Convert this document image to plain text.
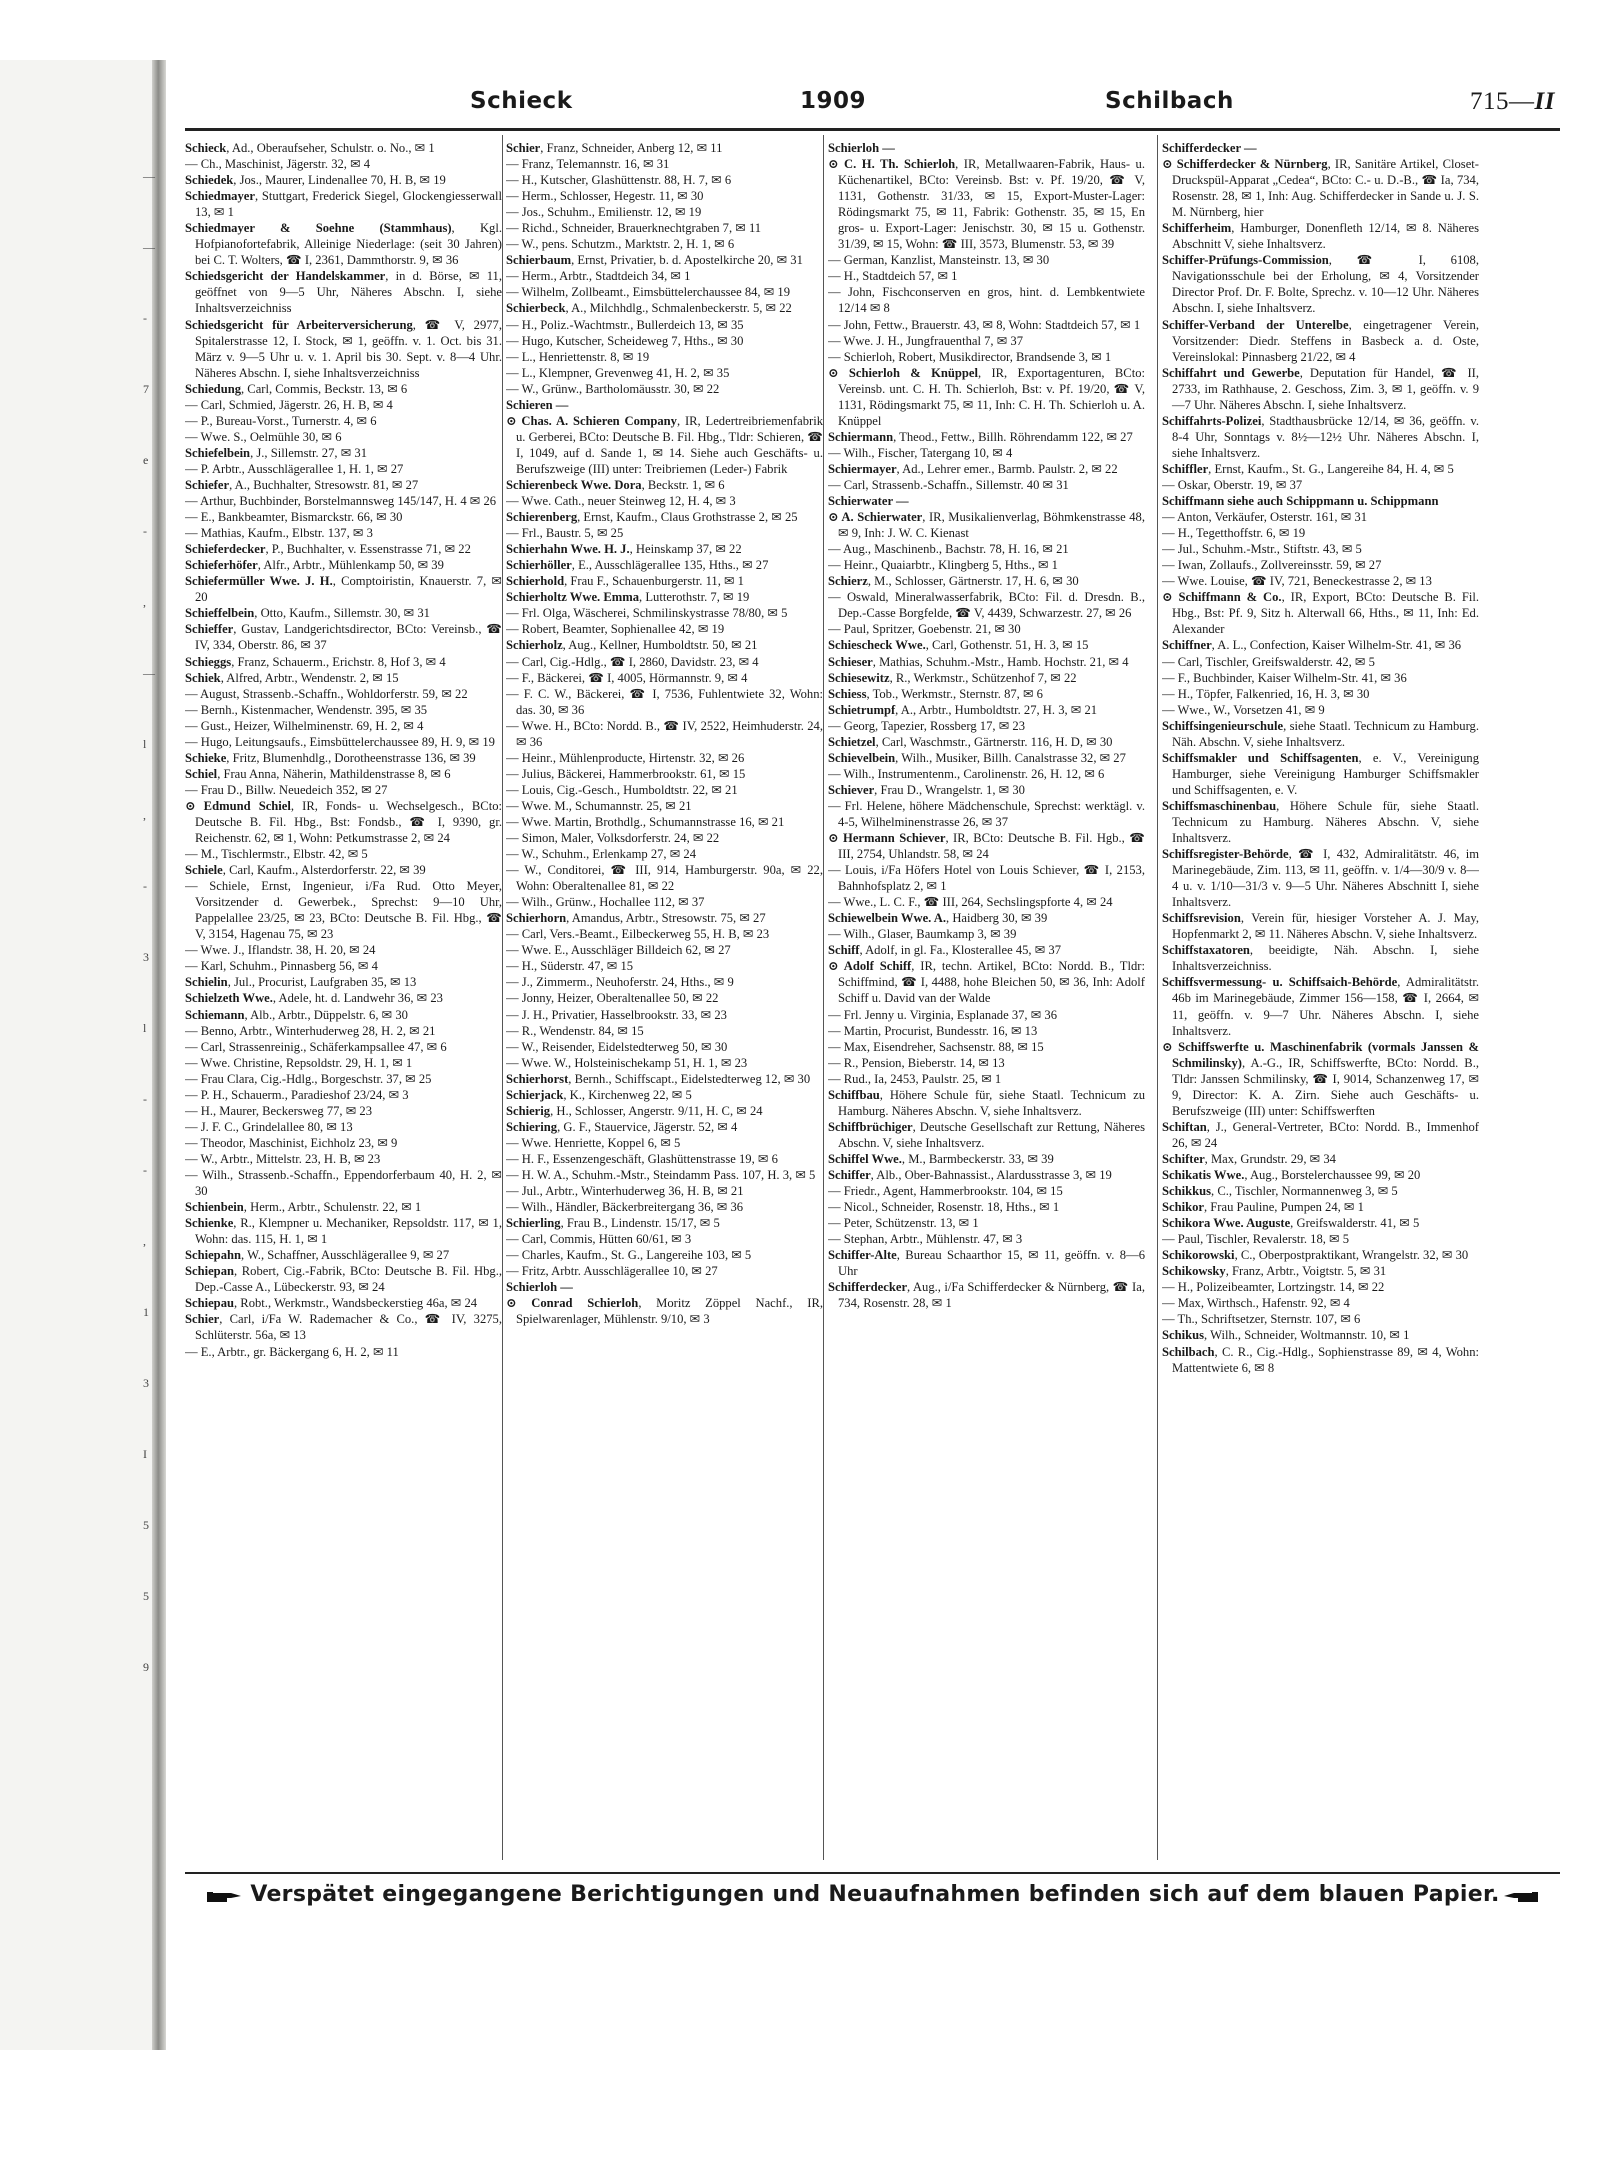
—
—
-
7
e
-
,
—
l
,
-
3
l
-
-
,
1
3
I
5
5
9
Schieck	1909	Schilbach	715—II

Schieck, Ad., Oberaufseher, Schulstr. o. No., ✉ 1

— Ch., Maschinist, Jägerstr. 32, ✉ 4

Schiedek, Jos., Maurer, Lindenallee 70, H. B, ✉ 19

Schiedmayer, Stuttgart, Frederick Siegel, Glockengiesserwall 13, ✉ 1

Schiedmayer & Soehne (Stammhaus), Kgl. Hofpianofortefabrik, Alleinige Niederlage: (seit 30 Jahren) bei C. T. Wolters, ☎ I, 2361, Dammthorstr. 9, ✉ 36

Schiedsgericht der Handelskammer, in d. Börse, ✉ 11, geöffnet von 9—5 Uhr, Näheres Abschn. I, siehe Inhaltsverzeichniss

Schiedsgericht für Arbeiterversicherung, ☎ V, 2977, Spitalerstrasse 12, I. Stock, ✉ 1, geöffn. v. 1. Oct. bis 31. März v. 9—5 Uhr u. v. 1. April bis 30. Sept. v. 8—4 Uhr. Näheres Abschn. I, siehe Inhaltsverzeichniss

Schiedung, Carl, Commis, Beckstr. 13, ✉ 6

— Carl, Schmied, Jägerstr. 26, H. B, ✉ 4

— P., Bureau-Vorst., Turnerstr. 4, ✉ 6

— Wwe. S., Oelmühle 30, ✉ 6

Schiefelbein, J., Sillemstr. 27, ✉ 31

— P. Arbtr., Ausschlägerallee 1, H. 1, ✉ 27

Schiefer, A., Buchhalter, Stresowstr. 81, ✉ 27

— Arthur, Buchbinder, Borstelmannsweg 145/147, H. 4 ✉ 26

— E., Bankbeamter, Bismarckstr. 66, ✉ 30

— Mathias, Kaufm., Elbstr. 137, ✉ 3

Schieferdecker, P., Buchhalter, v. Essenstrasse 71, ✉ 22

Schieferhöfer, Alfr., Arbtr., Mühlenkamp 50, ✉ 39

Schiefermüller Wwe. J. H., Comptoiristin, Knauerstr. 7, ✉ 20

Schieffelbein, Otto, Kaufm., Sillemstr. 30, ✉ 31

Schieffer, Gustav, Landgerichtsdirector, BCto: Vereinsb., ☎ IV, 334, Oberstr. 86, ✉ 37

Schieggs, Franz, Schauerm., Erichstr. 8, Hof 3, ✉ 4

Schiek, Alfred, Arbtr., Wendenstr. 2, ✉ 15

— August, Strassenb.-Schaffn., Wohldorferstr. 59, ✉ 22

— Bernh., Kistenmacher, Wendenstr. 395, ✉ 35

— Gust., Heizer, Wilhelminenstr. 69, H. 2, ✉ 4

— Hugo, Leitungsaufs., Eimsbüttelerchaussee 89, H. 9, ✉ 19

Schieke, Fritz, Blumenhdlg., Dorotheenstrasse 136, ✉ 39

Schiel, Frau Anna, Näherin, Mathildenstrasse 8, ✉ 6

— Frau D., Billw. Neuedeich 352, ✉ 27

⊙ Edmund Schiel, IR, Fonds- u. Wechselgesch., BCto: Deutsche B. Fil. Hbg., Bst: Fondsb., ☎ I, 9390, gr. Reichenstr. 62, ✉ 1, Wohn: Petkumstrasse 2, ✉ 24

— M., Tischlermstr., Elbstr. 42, ✉ 5

Schiele, Carl, Kaufm., Alsterdorferstr. 22, ✉ 39

— Schiele, Ernst, Ingenieur, i/Fa Rud. Otto Meyer, Vorsitzender d. Gewerbek., Sprechst: 9—10 Uhr, Pappelallee 23/25, ✉ 23, BCto: Deutsche B. Fil. Hbg., ☎ V, 3154, Hagenau 75, ✉ 23

— Wwe. J., Iflandstr. 38, H. 20, ✉ 24

— Karl, Schuhm., Pinnasberg 56, ✉ 4

Schielin, Jul., Procurist, Laufgraben 35, ✉ 13

Schielzeth Wwe., Adele, ht. d. Landwehr 36, ✉ 23

Schiemann, Alb., Arbtr., Düppelstr. 6, ✉ 30

— Benno, Arbtr., Winterhuderweg 28, H. 2, ✉ 21

— Carl, Strassenreinig., Schäferkampsallee 47, ✉ 6

— Wwe. Christine, Repsoldstr. 29, H. 1, ✉ 1

— Frau Clara, Cig.-Hdlg., Borgeschstr. 37, ✉ 25

— P. H., Schauerm., Paradieshof 23/24, ✉ 3

— H., Maurer, Beckersweg 77, ✉ 23

— J. F. C., Grindelallee 80, ✉ 13

— Theodor, Maschinist, Eichholz 23, ✉ 9

— W., Arbtr., Mittelstr. 23, H. B, ✉ 23

— Wilh., Strassenb.-Schaffn., Eppendorferbaum 40, H. 2, ✉ 30

Schienbein, Herm., Arbtr., Schulenstr. 22, ✉ 1

Schienke, R., Klempner u. Mechaniker, Repsoldstr. 117, ✉ 1, Wohn: das. 115, H. 1, ✉ 1

Schiepahn, W., Schaffner, Ausschlägerallee 9, ✉ 27

Schiepan, Robert, Cig.-Fabrik, BCto: Deutsche B. Fil. Hbg., Dep.-Casse A., Lübeckerstr. 93, ✉ 24

Schiepau, Robt., Werkmstr., Wandsbeckerstieg 46a, ✉ 24

Schier, Carl, i/Fa W. Rademacher & Co., ☎ IV, 3275, Schlüterstr. 56a, ✉ 13

— E., Arbtr., gr. Bäckergang 6, H. 2, ✉ 11

Schier, Franz, Schneider, Anberg 12, ✉ 11

— Franz, Telemannstr. 16, ✉ 31

— H., Kutscher, Glashüttenstr. 88, H. 7, ✉ 6

— Herm., Schlosser, Hegestr. 11, ✉ 30

— Jos., Schuhm., Emilienstr. 12, ✉ 19

— Richd., Schneider, Brauerknechtgraben 7, ✉ 11

— W., pens. Schutzm., Marktstr. 2, H. 1, ✉ 6

Schierbaum, Ernst, Privatier, b. d. Apostelkirche 20, ✉ 31

— Herm., Arbtr., Stadtdeich 34, ✉ 1

— Wilhelm, Zollbeamt., Eimsbüttelerchaussee 84, ✉ 19

Schierbeck, A., Milchhdlg., Schmalenbeckerstr. 5, ✉ 22

— H., Poliz.-Wachtmstr., Bullerdeich 13, ✉ 35

— Hugo, Kutscher, Scheideweg 7, Hths., ✉ 30

— L., Henriettenstr. 8, ✉ 19

— L., Klempner, Grevenweg 41, H. 2, ✉ 35

— W., Grünw., Bartholomäusstr. 30, ✉ 22

Schieren —

⊙ Chas. A. Schieren Company, IR, Ledertreibriemenfabrik u. Gerberei, BCto: Deutsche B. Fil. Hbg., Tldr: Schieren, ☎ I, 1049, auf d. Sande 1, ✉ 14. Siehe auch Geschäfts- u. Berufszweige (III) unter: Treibriemen (Leder-) Fabrik

Schierenbeck Wwe. Dora, Beckstr. 1, ✉ 6

— Wwe. Cath., neuer Steinweg 12, H. 4, ✉ 3

Schierenberg, Ernst, Kaufm., Claus Grothstrasse 2, ✉ 25

— Frl., Baustr. 5, ✉ 25

Schierhahn Wwe. H. J., Heinskamp 37, ✉ 22

Schierhöller, E., Ausschlägerallee 135, Hths., ✉ 27

Schierhold, Frau F., Schauenburgerstr. 11, ✉ 1

Schierholtz Wwe. Emma, Lutterothstr. 7, ✉ 19

— Frl. Olga, Wäscherei, Schmilinskystrasse 78/80, ✉ 5

— Robert, Beamter, Sophienallee 42, ✉ 19

Schierholz, Aug., Kellner, Humboldtstr. 50, ✉ 21

— Carl, Cig.-Hdlg., ☎ I, 2860, Davidstr. 23, ✉ 4

— F., Bäckerei, ☎ I, 4005, Hörmannstr. 9, ✉ 4

— F. C. W., Bäckerei, ☎ I, 7536, Fuhlentwiete 32, Wohn: das. 30, ✉ 36

— Wwe. H., BCto: Nordd. B., ☎ IV, 2522, Heimhuderstr. 24, ✉ 36

— Heinr., Mühlenproducte, Hirtenstr. 32, ✉ 26

— Julius, Bäckerei, Hammerbrookstr. 61, ✉ 15

— Louis, Cig.-Gesch., Humboldtstr. 22, ✉ 21

— Wwe. M., Schumannstr. 25, ✉ 21

— Wwe. Martin, Brothdlg., Schumannstrasse 16, ✉ 21

— Simon, Maler, Volksdorferstr. 24, ✉ 22

— W., Schuhm., Erlenkamp 27, ✉ 24

— W., Conditorei, ☎ III, 914, Hamburgerstr. 90a, ✉ 22, Wohn: Oberaltenallee 81, ✉ 22

— Wilh., Grünw., Hochallee 112, ✉ 37

Schierhorn, Amandus, Arbtr., Stresowstr. 75, ✉ 27

— Carl, Vers.-Beamt., Eilbeckerweg 55, H. B, ✉ 23

— Wwe. E., Ausschläger Billdeich 62, ✉ 27

— H., Süderstr. 47, ✉ 15

— J., Zimmerm., Neuhoferstr. 24, Hths., ✉ 9

— Jonny, Heizer, Oberaltenallee 50, ✉ 22

— J. H., Privatier, Hasselbrookstr. 33, ✉ 23

— R., Wendenstr. 84, ✉ 15

— W., Reisender, Eidelstedterweg 50, ✉ 30

— Wwe. W., Holsteinischekamp 51, H. 1, ✉ 23

Schierhorst, Bernh., Schiffscapt., Eidelstedterweg 12, ✉ 30

Schierjack, K., Kirchenweg 22, ✉ 5

Schierig, H., Schlosser, Angerstr. 9/11, H. C, ✉ 24

Schiering, G. F., Stauervice, Jägerstr. 52, ✉ 4

— Wwe. Henriette, Koppel 6, ✉ 5

— H. F., Essenzengeschäft, Glashüttenstrasse 19, ✉ 6

— H. W. A., Schuhm.-Mstr., Steindamm Pass. 107, H. 3, ✉ 5

— Jul., Arbtr., Winterhuderweg 36, H. B, ✉ 21

— Wilh., Händler, Bäckerbreitergang 36, ✉ 36

Schierling, Frau B., Lindenstr. 15/17, ✉ 5

— Carl, Commis, Hütten 60/61, ✉ 3

— Charles, Kaufm., St. G., Langereihe 103, ✉ 5

— Fritz, Arbtr. Ausschlägerallee 10, ✉ 27

Schierloh —

⊙ Conrad Schierloh, Moritz Zöppel Nachf., IR, Spielwarenlager, Mühlenstr. 9/10, ✉ 3

Schierloh —

⊙ C. H. Th. Schierloh, IR, Metallwaaren-Fabrik, Haus- u. Küchenartikel, BCto: Vereinsb. Bst: v. Pf. 19/20, ☎ V, 1131, Gothenstr. 31/33, ✉ 15, Export-Muster-Lager: Rödingsmarkt 75, ✉ 11, Fabrik: Gothenstr. 35, ✉ 15, En gros- u. Export-Lager: Jenischstr. 30, ✉ 15 u. Gothenstr. 31/39, ✉ 15, Wohn: ☎ III, 3573, Blumenstr. 53, ✉ 39

— German, Kanzlist, Mansteinstr. 13, ✉ 30

— H., Stadtdeich 57, ✉ 1

— John, Fischconserven en gros, hint. d. Lembkentwiete 12/14 ✉ 8

— John, Fettw., Brauerstr. 43, ✉ 8, Wohn: Stadtdeich 57, ✉ 1

— Wwe. J. H., Jungfrauenthal 7, ✉ 37

— Schierloh, Robert, Musikdirector, Brandsende 3, ✉ 1

⊙ Schierloh & Knüppel, IR, Exportagenturen, BCto: Vereinsb. unt. C. H. Th. Schierloh, Bst: v. Pf. 19/20, ☎ V, 1131, Rödingsmarkt 75, ✉ 11, Inh: C. H. Th. Schierloh u. A. Knüppel

Schiermann, Theod., Fettw., Billh. Röhrendamm 122, ✉ 27

— Wilh., Fischer, Tatergang 10, ✉ 4

Schiermayer, Ad., Lehrer emer., Barmb. Paulstr. 2, ✉ 22

— Carl, Strassenb.-Schaffn., Sillemstr. 40 ✉ 31

Schierwater —

⊙ A. Schierwater, IR, Musikalienverlag, Böhmkenstrasse 48, ✉ 9, Inh: J. W. C. Kienast

— Aug., Maschinenb., Bachstr. 78, H. 16, ✉ 21

— Heinr., Quaiarbtr., Klingberg 5, Hths., ✉ 1

Schierz, M., Schlosser, Gärtnerstr. 17, H. 6, ✉ 30

— Oswald, Mineralwasserfabrik, BCto: Fil. d. Dresdn. B., Dep.-Casse Borgfelde, ☎ V, 4439, Schwarzestr. 27, ✉ 26

— Paul, Spritzer, Goebenstr. 21, ✉ 30

Schiescheck Wwe., Carl, Gothenstr. 51, H. 3, ✉ 15

Schieser, Mathias, Schuhm.-Mstr., Hamb. Hochstr. 21, ✉ 4

Schiesewitz, R., Werkmstr., Schützenhof 7, ✉ 22

Schiess, Tob., Werkmstr., Sternstr. 87, ✉ 6

Schietrumpf, A., Arbtr., Humboldtstr. 27, H. 3, ✉ 21

— Georg, Tapezier, Rossberg 17, ✉ 23

Schietzel, Carl, Waschmstr., Gärtnerstr. 116, H. D, ✉ 30

Schievelbein, Wilh., Musiker, Billh. Canalstrasse 32, ✉ 27

— Wilh., Instrumentenm., Carolinenstr. 26, H. 12, ✉ 6

Schiever, Frau D., Wrangelstr. 1, ✉ 30

— Frl. Helene, höhere Mädchenschule, Sprechst: werktägl. v. 4-5, Wilhelminenstrasse 26, ✉ 37

⊙ Hermann Schiever, IR, BCto: Deutsche B. Fil. Hgb., ☎ III, 2754, Uhlandstr. 58, ✉ 24

— Louis, i/Fa Höfers Hotel von Louis Schiever, ☎ I, 2153, Bahnhofsplatz 2, ✉ 1

— Wwe., L. C. F., ☎ III, 264, Sechslingspforte 4, ✉ 24

Schiewelbein Wwe. A., Haidberg 30, ✉ 39

— Wilh., Glaser, Baumkamp 3, ✉ 39

Schiff, Adolf, in gl. Fa., Klosterallee 45, ✉ 37

⊙ Adolf Schiff, IR, techn. Artikel, BCto: Nordd. B., Tldr: Schiffmind, ☎ I, 4488, hohe Bleichen 50, ✉ 36, Inh: Adolf Schiff u. David van der Walde

— Frl. Jenny u. Virginia, Esplanade 37, ✉ 36

— Martin, Procurist, Bundesstr. 16, ✉ 13

— Max, Eisendreher, Sachsenstr. 88, ✉ 15

— R., Pension, Bieberstr. 14, ✉ 13

— Rud., Ia, 2453, Paulstr. 25, ✉ 1

Schiffbau, Höhere Schule für, siehe Staatl. Technicum zu Hamburg. Näheres Abschn. V, siehe Inhaltsverz.

Schiffbrüchiger, Deutsche Gesellschaft zur Rettung, Näheres Abschn. V, siehe Inhaltsverz.

Schiffel Wwe., M., Barmbeckerstr. 33, ✉ 39

Schiffer, Alb., Ober-Bahnassist., Alardusstrasse 3, ✉ 19

— Friedr., Agent, Hammerbrookstr. 104, ✉ 15

— Nicol., Schneider, Rosenstr. 18, Hths., ✉ 1

— Peter, Schützenstr. 13, ✉ 1

— Stephan, Arbtr., Mühlenstr. 47, ✉ 3

Schiffer-Alte, Bureau Schaarthor 15, ✉ 11, geöffn. v. 8—6 Uhr

Schifferdecker, Aug., i/Fa Schifferdecker & Nürnberg, ☎ Ia, 734, Rosenstr. 28, ✉ 1

Schifferdecker —

⊙ Schifferdecker & Nürnberg, IR, Sanitäre Artikel, Closet- Druckspül-Apparat „Cedea“, BCto: C.- u. D.-B., ☎ Ia, 734, Rosenstr. 28, ✉ 1, Inh: Aug. Schifferdecker in Sande u. J. S. M. Nürnberg, hier

Schifferheim, Hamburger, Donenfleth 12/14, ✉ 8. Näheres Abschnitt V, siehe Inhaltsverz.

Schiffer-Prüfungs-Commission, ☎ I, 6108, Navigationsschule bei der Erholung, ✉ 4, Vorsitzender Director Prof. Dr. F. Bolte, Sprechz. v. 10—12 Uhr. Näheres Abschn. I, siehe Inhaltsverz.

Schiffer-Verband der Unterelbe, eingetragener Verein, Vorsitzender: Diedr. Steffens in Basbeck a. d. Oste, Vereinslokal: Pinnasberg 21/22, ✉ 4

Schiffahrt und Gewerbe, Deputation für Handel, ☎ II, 2733, im Rathhause, 2. Geschoss, Zim. 3, ✉ 1, geöffn. v. 9—7 Uhr. Näheres Abschn. I, siehe Inhaltsverz.

Schiffahrts-Polizei, Stadthausbrücke 12/14, ✉ 36, geöffn. v. 8-4 Uhr, Sonntags v. 8½—12½ Uhr. Näheres Abschn. I, siehe Inhaltsverz.

Schiffler, Ernst, Kaufm., St. G., Langereihe 84, H. 4, ✉ 5

— Oskar, Oberstr. 19, ✉ 37

Schiffmann siehe auch Schippmann u. Schippmann

— Anton, Verkäufer, Osterstr. 161, ✉ 31

— H., Tegetthoffstr. 6, ✉ 19

— Jul., Schuhm.-Mstr., Stiftstr. 43, ✉ 5

— Iwan, Zollaufs., Zollvereinsstr. 59, ✉ 27

— Wwe. Louise, ☎ IV, 721, Beneckestrasse 2, ✉ 13

⊙ Schiffmann & Co., IR, Export, BCto: Deutsche B. Fil. Hbg., Bst: Pf. 9, Sitz h. Alterwall 66, Hths., ✉ 11, Inh: Ed. Alexander

Schiffner, A. L., Confection, Kaiser Wilhelm-Str. 41, ✉ 36

— Carl, Tischler, Greifswalderstr. 42, ✉ 5

— F., Buchbinder, Kaiser Wilhelm-Str. 41, ✉ 36

— H., Töpfer, Falkenried, 16, H. 3, ✉ 30

— Wwe., W., Vorsetzen 41, ✉ 9

Schiffsingenieurschule, siehe Staatl. Technicum zu Hamburg. Näh. Abschn. V, siehe Inhaltsverz.

Schiffsmakler und Schiffsagenten, e. V., Vereinigung Hamburger, siehe Vereinigung Hamburger Schiffsmakler und Schiffsagenten, e. V.

Schiffsmaschinenbau, Höhere Schule für, siehe Staatl. Technicum zu Hamburg. Näheres Abschn. V, siehe Inhaltsverz.

Schiffsregister-Behörde, ☎ I, 432, Admiralitätstr. 46, im Marinegebäude, Zim. 113, ✉ 11, geöffn. v. 1/4—30/9 v. 8—4 u. v. 1/10—31/3 v. 9—5 Uhr. Näheres Abschnitt I, siehe Inhaltsverz.

Schiffsrevision, Verein für, hiesiger Vorsteher A. J. May, Hopfenmarkt 2, ✉ 11. Näheres Abschn. V, siehe Inhaltsverz.

Schiffstaxatoren, beeidigte, Näh. Abschn. I, siehe Inhaltsverzeichniss.

Schiffsvermessung- u. Schiffsaich-Behörde, Admiralitätstr. 46b im Marinegebäude, Zimmer 156—158, ☎ I, 2664, ✉ 11, geöffn. v. 9—7 Uhr. Näheres Abschn. I, siehe Inhaltsverz.

⊙ Schiffswerfte u. Maschinenfabrik (vormals Janssen & Schmilinsky), A.-G., IR, Schiffswerfte, BCto: Nordd. B., Tldr: Janssen Schmilinsky, ☎ I, 9014, Schanzenweg 17, ✉ 9, Director: K. A. Zirn. Siehe auch Geschäfts- u. Berufszweige (III) unter: Schiffswerften

Schiftan, J., General-Vertreter, BCto: Nordd. B., Immenhof 26, ✉ 24

Schifter, Max, Grundstr. 29, ✉ 34

Schikatis Wwe., Aug., Borstelerchaussee 99, ✉ 20

Schikkus, C., Tischler, Normannenweg 3, ✉ 5

Schikor, Frau Pauline, Pumpen 24, ✉ 1

Schikora Wwe. Auguste, Greifswalderstr. 41, ✉ 5

— Paul, Tischler, Revalerstr. 18, ✉ 5

Schikorowski, C., Oberpostpraktikant, Wrangelstr. 32, ✉ 30

Schikowsky, Franz, Arbtr., Voigtstr. 5, ✉ 31

— H., Polizeibeamter, Lortzingstr. 14, ✉ 22

— Max, Wirthsch., Hafenstr. 92, ✉ 4

— Th., Schriftsetzer, Sternstr. 107, ✉ 6

Schikus, Wilh., Schneider, Woltmannstr. 10, ✉ 1

Schilbach, C. R., Cig.-Hdlg., Sophienstrasse 89, ✉ 4, Wohn: Mattentwiete 6, ✉ 8

Verspätet eingegangene Berichtigungen und Neuaufnahmen befinden sich auf dem blauen Papier.
